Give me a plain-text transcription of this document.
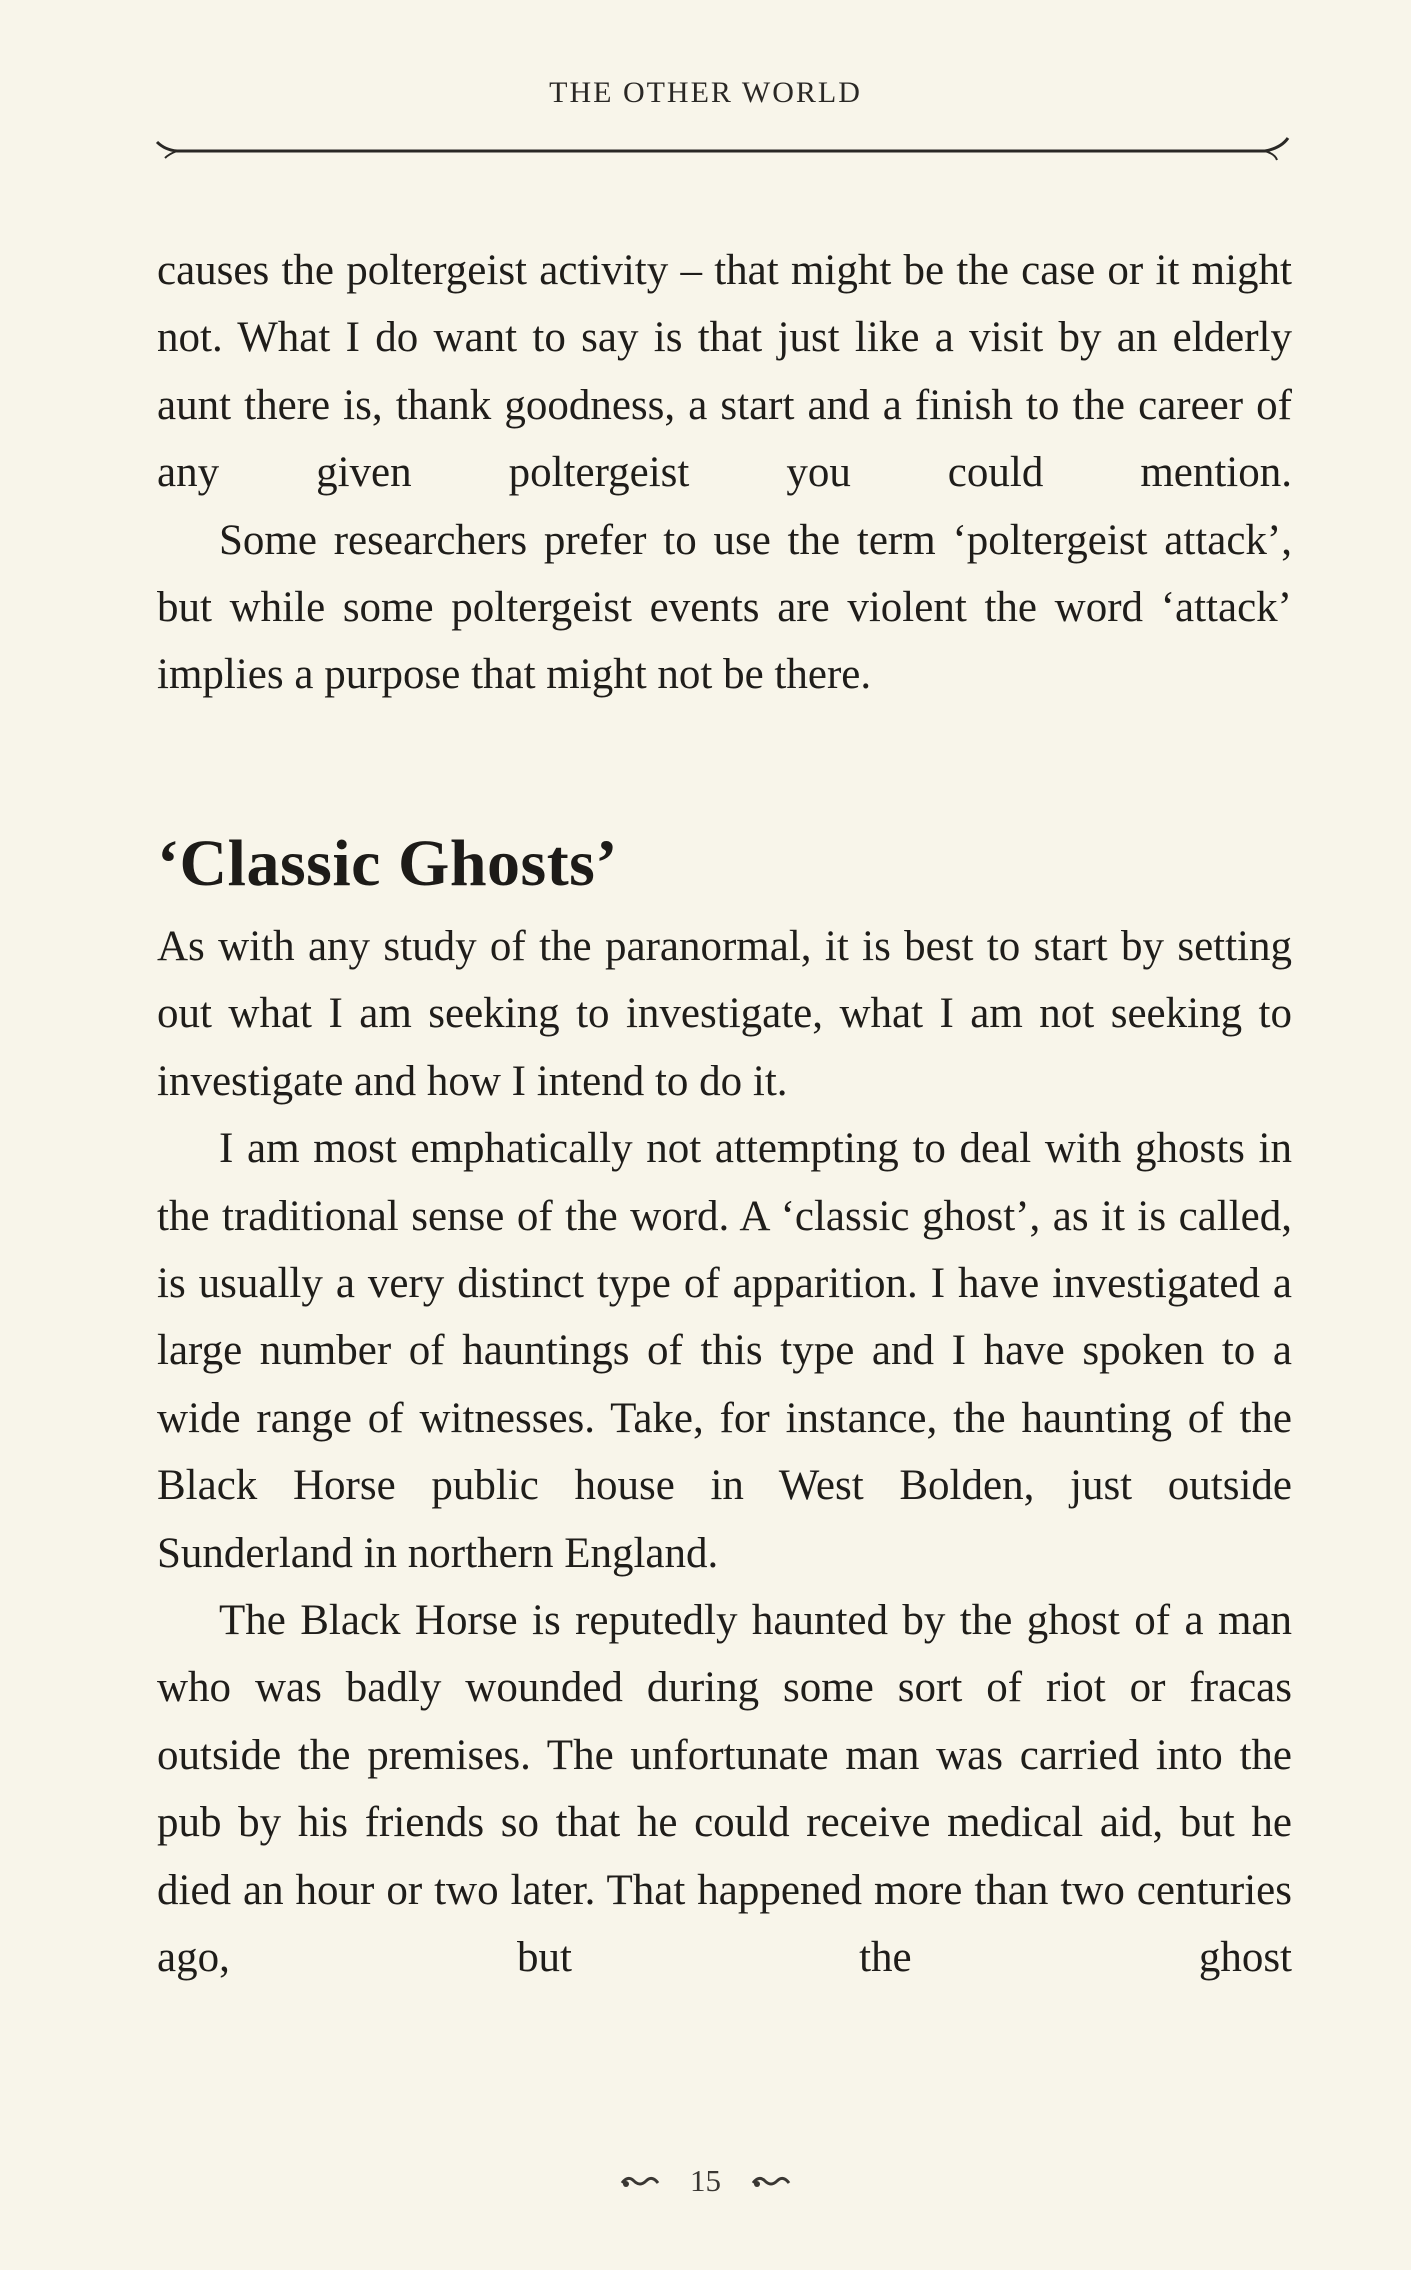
THE OTHER WORLD

causes the poltergeist activity – that might be the case or it might not. What I do want to say is that just like a visit by an elderly aunt there is, thank goodness, a start and a finish to the career of any given poltergeist you could mention.

Some researchers prefer to use the term ‘poltergeist attack’, but while some poltergeist events are violent the word ‘attack’ implies a purpose that might not be there.

‘Classic Ghosts’

As with any study of the paranormal, it is best to start by setting out what I am seeking to investigate, what I am not seeking to investigate and how I intend to do it.

I am most emphatically not attempting to deal with ghosts in the traditional sense of the word. A ‘classic ghost’, as it is called, is usually a very distinct type of apparition. I have investigated a large number of hauntings of this type and I have spoken to a wide range of witnesses. Take, for instance, the haunting of the Black Horse public house in West Bolden, just outside Sunderland in northern England.

The Black Horse is reputedly haunted by the ghost of a man who was badly wounded during some sort of riot or fracas outside the premises. The unfortunate man was carried into the pub by his friends so that he could receive medical aid, but he died an hour or two later. That happened more than two centuries ago, but the ghost

15
